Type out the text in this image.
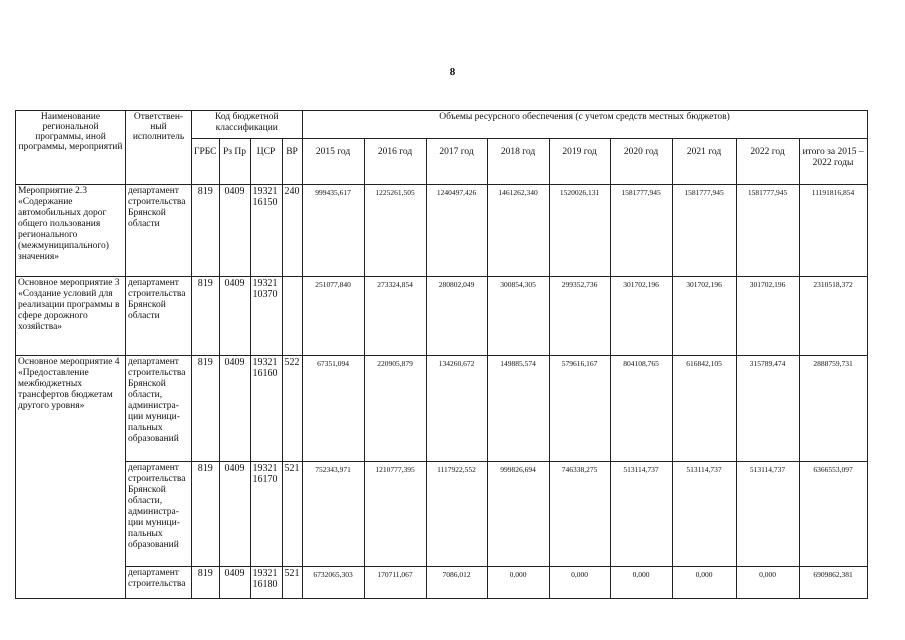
8
Наименование региональной программы, иной программы, мероприятий	Ответствен-ный исполнитель	Код бюджетной классификации				Объемы ресурсного обеспечения (с учетом средств местных бюджетов)								
		ГРБС	Рз Пр	ЦСР	ВР	2015 год	2016 год	2017 год	2018 год	2019 год	2020 год	2021 год	2022 год	итого за 2015 – 2022 годы
Мероприятие 2.3 «Содержание автомобильных дорог общего пользования регионального (межмуниципального) значения»	департамент строительства Брянской области	819	0409	19321 16150	240	999435,617	1225261,505	1240497,426	1461262,340	1520026,131	1581777,945	1581777,945	1581777,945	11191816,854
Основное мероприятие 3 «Создание условий для реализации программы в сфере дорожного хозяйства»	департамент строительства Брянской области	819	0409	19321 10370		251077,840	273324,854	280802,049	300854,305	299352,736	301702,196	301702,196	301702,196	2310518,372
Основное мероприятие 4 «Предоставление межбюджетных трансфертов бюджетам другого уровня»	департамент строительства Брянской области, администра-ции муници-пальных образований	819	0409	19321 16160	522	67351,094	220905,879	134260,672	149885,574	579616,167	804108,765	616842,105	315789,474	2888759,731
	департамент строительства Брянской области, администра-ции муници-пальных образований	819	0409	19321 16170	521	752343,971	1210777,395	1117922,552	999826,694	746338,275	513114,737	513114,737	513114,737	6366553,097
	департамент строительства	819	0409	19321 16180	521	6732065,303	170711,067	7086,012	0,000	0,000	0,000	0,000	0,000	6909862,381
